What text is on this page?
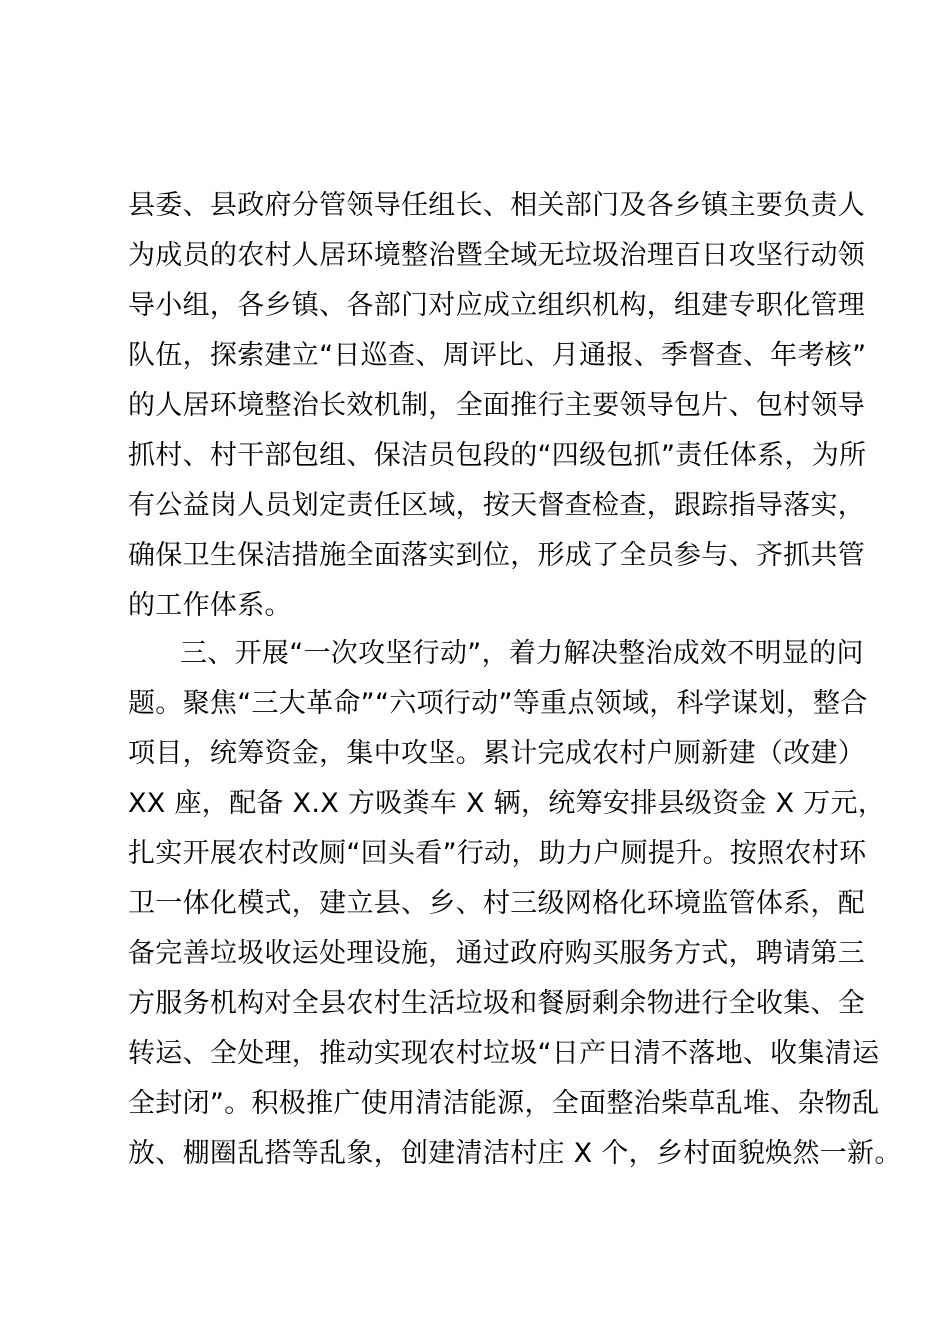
县委、县政府分管领导任组长、相关部门及各乡镇主要负责人
为成员的农村人居环境整治暨全域无垃圾治理百日攻坚行动领
导小组，各乡镇、各部门对应成立组织机构，组建专职化管理
队伍，探索建立“日巡查、周评比、月通报、季督查、年考核”
的人居环境整治长效机制，全面推行主要领导包片、包村领导
抓村、村干部包组、保洁员包段的“四级包抓”责任体系，为所
有公益岗人员划定责任区域，按天督查检查，跟踪指导落实，
确保卫生保洁措施全面落实到位，形成了全员参与、齐抓共管
的工作体系。
三、开展“一次攻坚行动”，着力解决整治成效不明显的问
题。聚焦“三大革命”“六项行动”等重点领域，科学谋划，整合
项目，统筹资金，集中攻坚。累计完成农村户厕新建（改建）
XX 座，配备 X.X 方吸粪车 X 辆，统筹安排县级资金 X 万元，
扎实开展农村改厕“回头看”行动，助力户厕提升。按照农村环
卫一体化模式，建立县、乡、村三级网格化环境监管体系，配
备完善垃圾收运处理设施，通过政府购买服务方式，聘请第三
方服务机构对全县农村生活垃圾和餐厨剩余物进行全收集、全
转运、全处理，推动实现农村垃圾“日产日清不落地、收集清运
全封闭”。积极推广使用清洁能源，全面整治柴草乱堆、杂物乱
放、棚圈乱搭等乱象，创建清洁村庄 X 个，乡村面貌焕然一新。
